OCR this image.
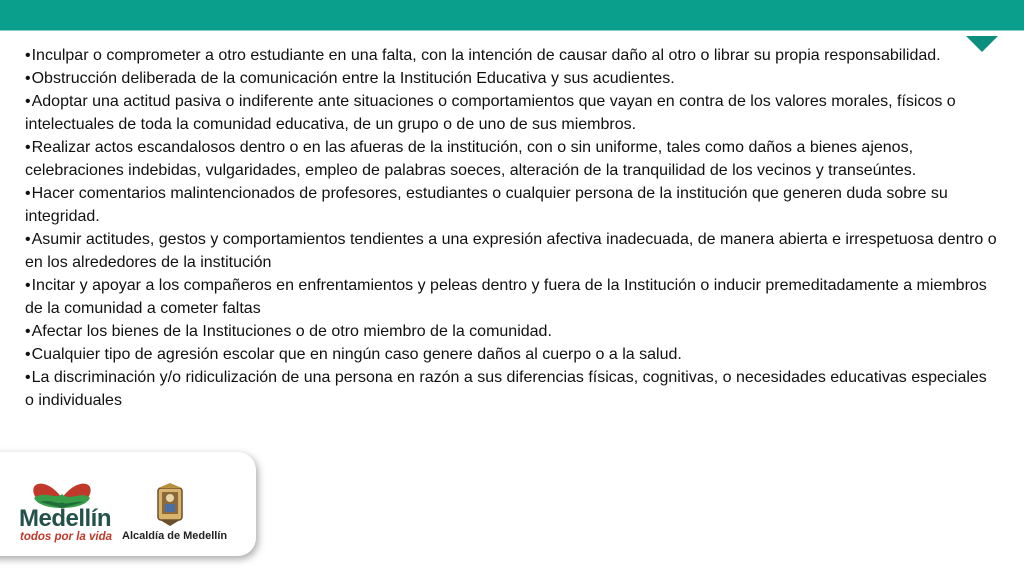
•Inculpar o comprometer a otro estudiante en una falta, con la intención de causar daño al otro o librar su propia responsabilidad.
•Obstrucción deliberada de la comunicación entre la Institución Educativa y sus acudientes.
•Adoptar una actitud pasiva o indiferente ante situaciones o comportamientos que vayan en contra de los valores morales, físicos o intelectuales de toda la comunidad educativa, de un grupo o de uno de sus miembros.
•Realizar actos escandalosos dentro o en las afueras de la institución, con o sin uniforme, tales como daños a bienes ajenos, celebraciones indebidas, vulgaridades, empleo de palabras soeces, alteración de la tranquilidad de los vecinos y transeúntes.
•Hacer comentarios malintencionados de profesores, estudiantes o cualquier persona de la institución que generen duda sobre su integridad.
•Asumir actitudes, gestos y comportamientos tendientes a una expresión afectiva inadecuada, de manera abierta e irrespetuosa dentro o en los alrededores de la institución
•Incitar y apoyar a los compañeros en enfrentamientos y peleas dentro y fuera de la Institución o inducir premeditadamente a miembros de la comunidad a cometer faltas
•Afectar los bienes de la Instituciones o de otro miembro de la comunidad.
•Cualquier tipo de agresión escolar que en ningún caso genere daños al cuerpo o a la salud.
•La discriminación y/o ridiculización de una persona en razón a sus diferencias físicas, cognitivas, o necesidades educativas especiales o individuales
Medellín
todos por la vida Alcaldía de Medellín
